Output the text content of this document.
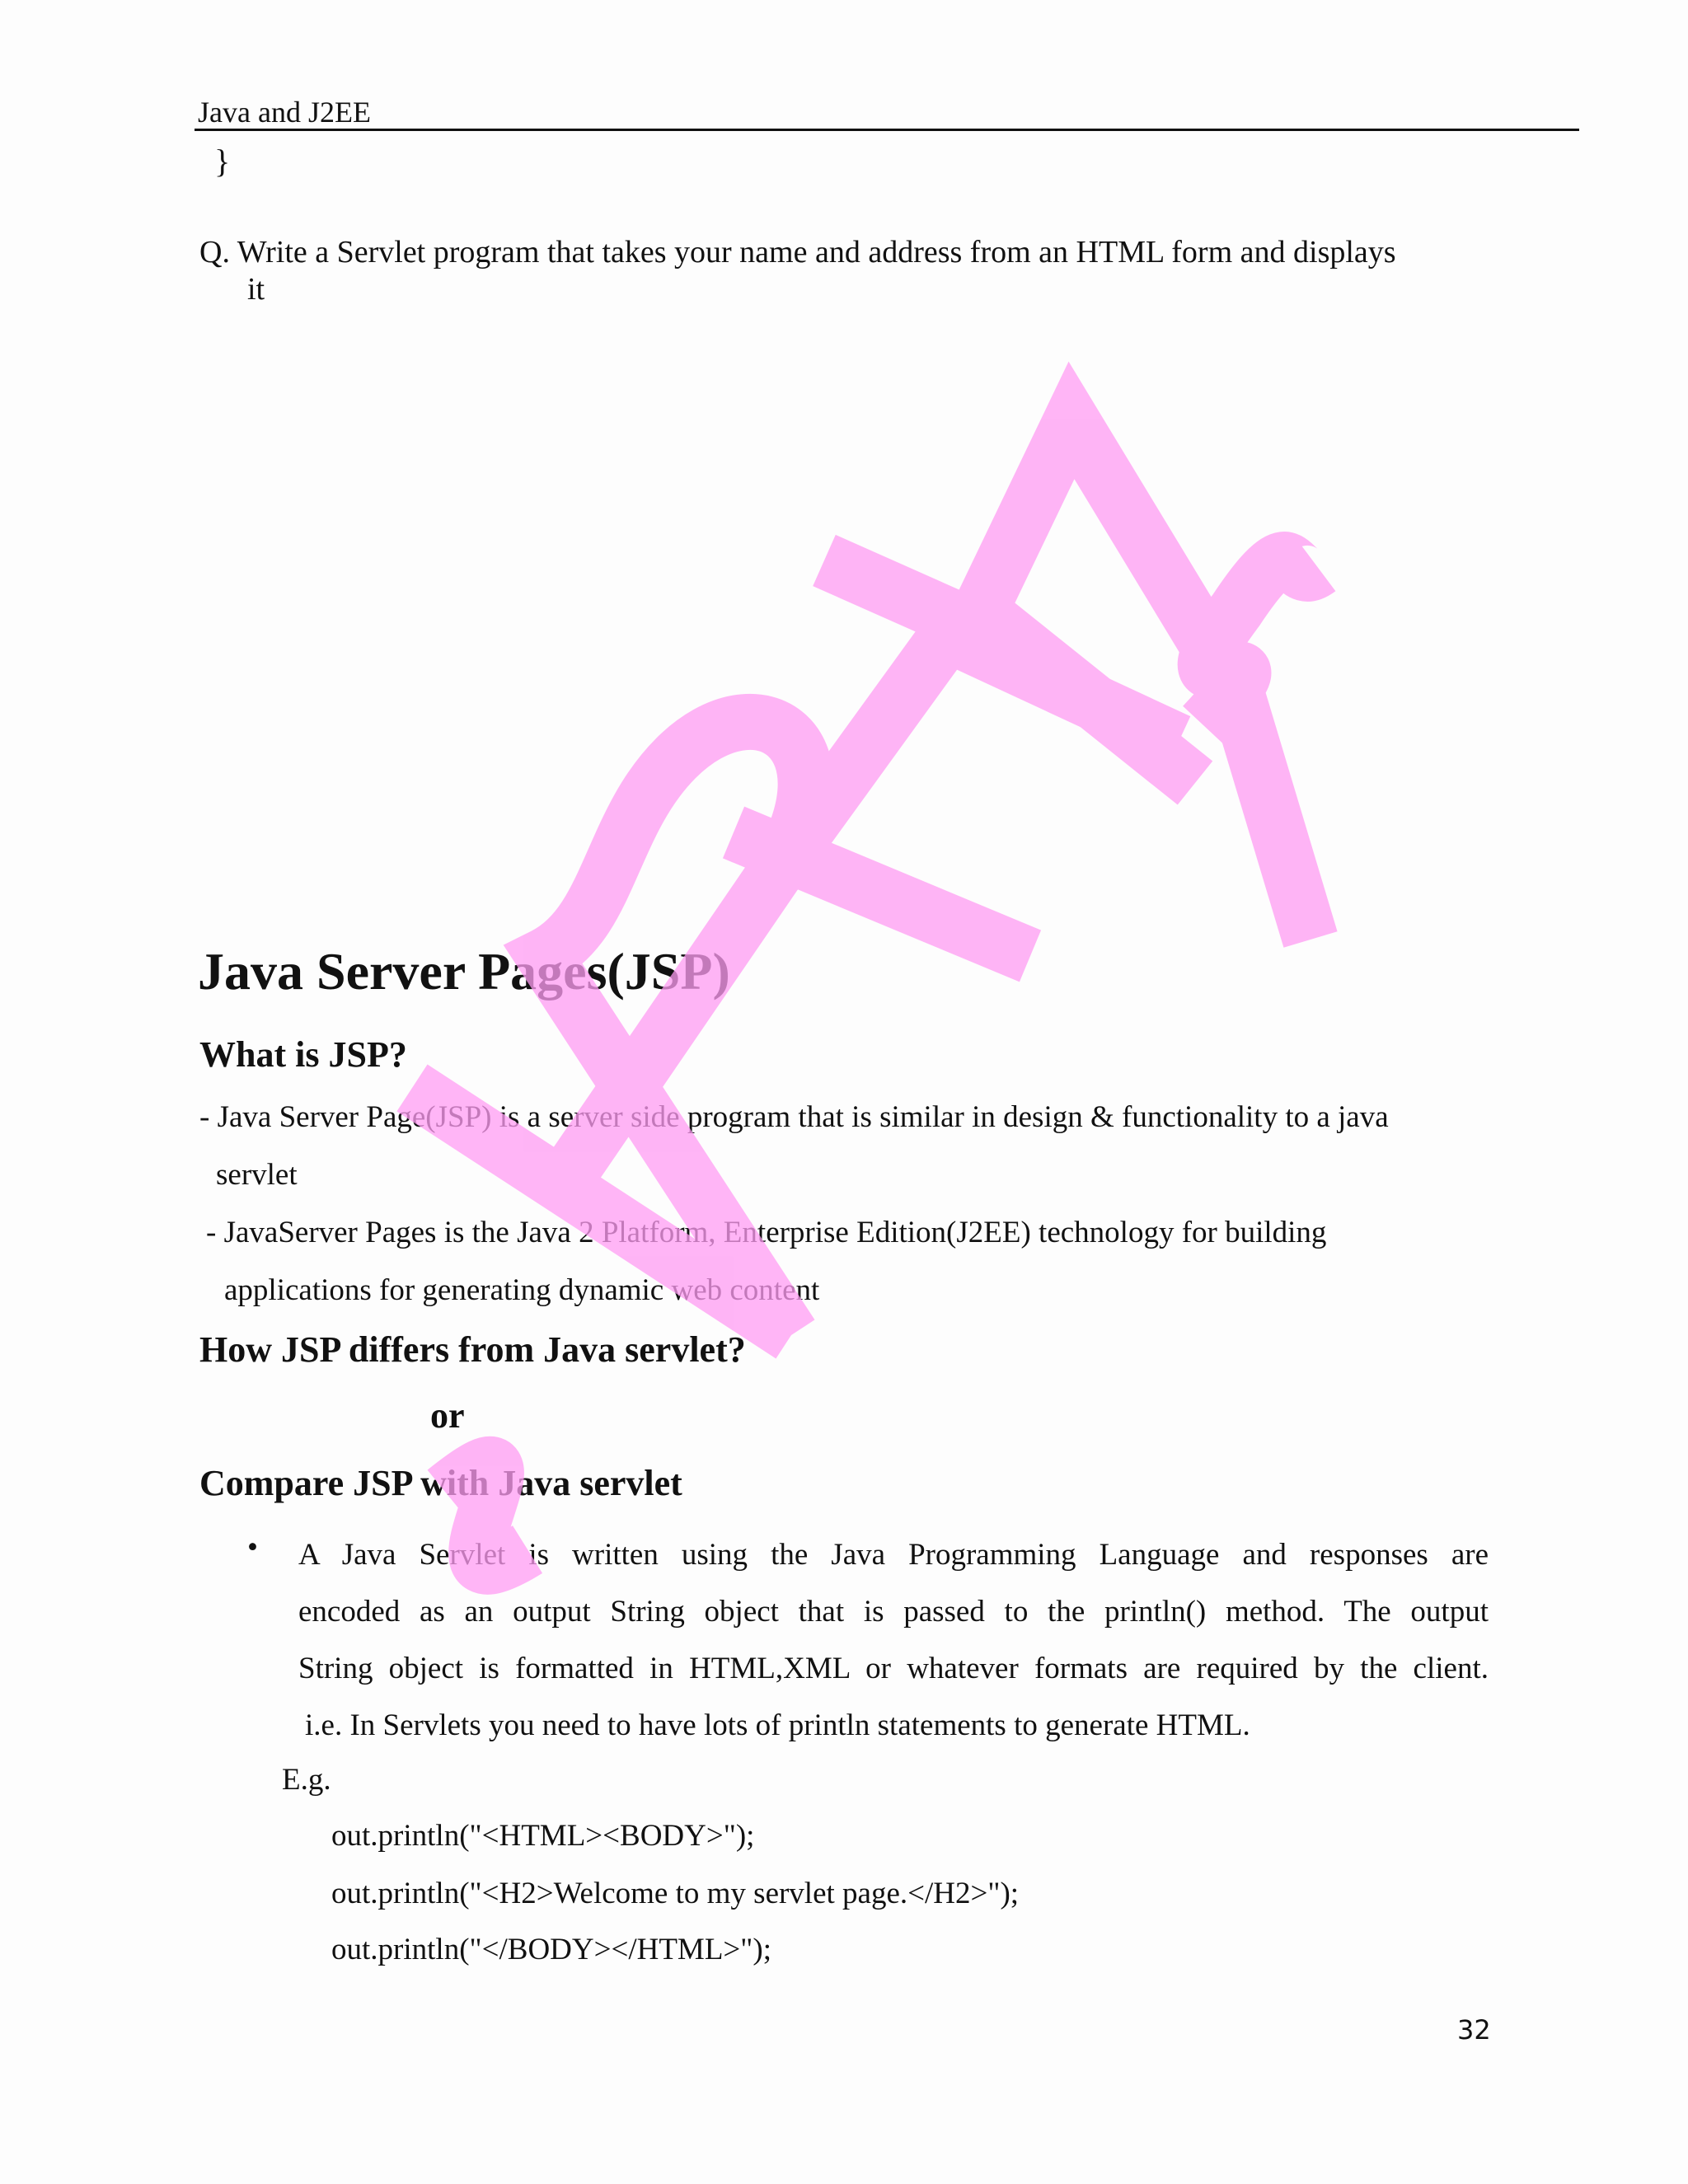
Java and J2EE
}
Q. Write a Servlet program that takes your name and address from an HTML form and displays
it
Java Server Pages(JSP)
What is JSP?
- Java Server Page(JSP) is a server side program that is similar in design & functionality to a java
servlet
- JavaServer Pages is the Java 2 Platform, Enterprise Edition(J2EE) technology for building
applications for generating dynamic web content
How JSP differs from Java servlet?
or
Compare JSP with Java servlet
• A Java Servlet is written using the Java Programming Language and responses are
encoded as an output String object that is passed to the println() method. The output
String object is formatted in HTML,XML or whatever formats are required by the client.
i.e. In Servlets you need to have lots of println statements to generate HTML.
E.g.
out.println("<HTML><BODY>");
out.println("<H2>Welcome to my servlet page.</H2>");
out.println("</BODY></HTML>");
32
